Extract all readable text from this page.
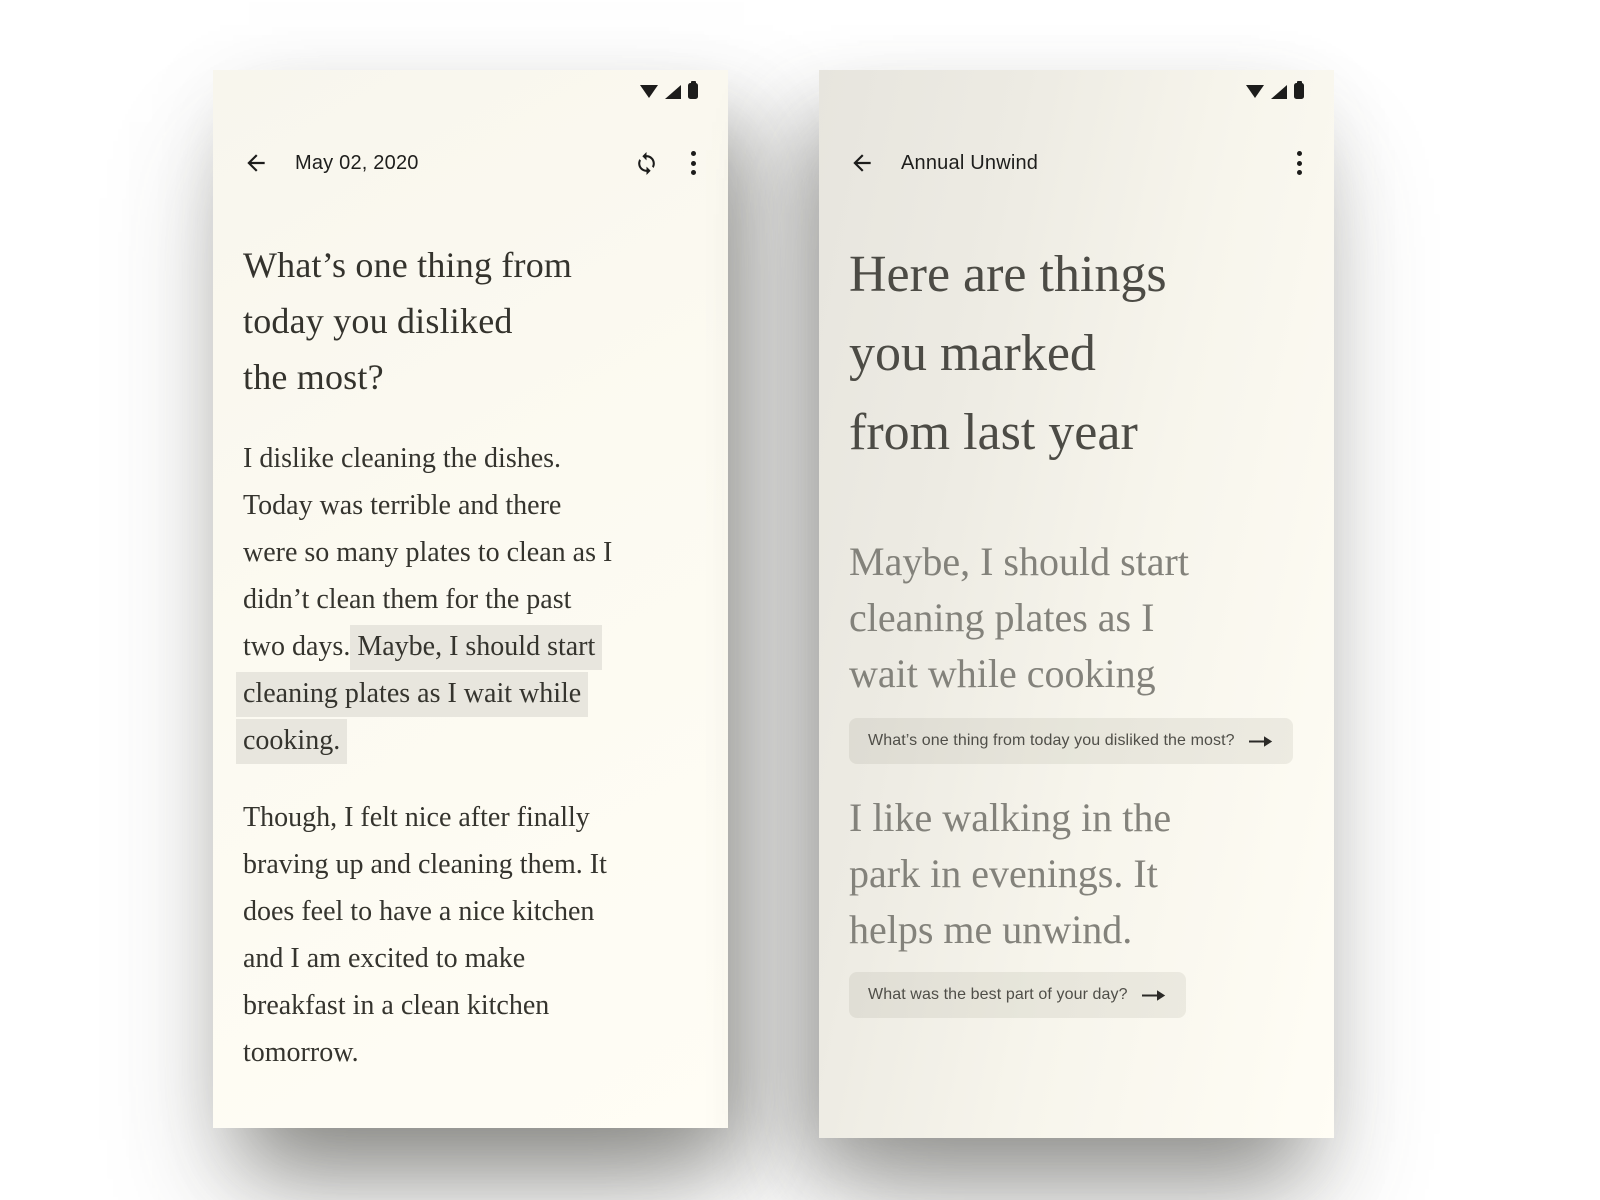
May 02, 2020
What’s one thing from
today you disliked
the most?
I dislike cleaning the dishes.
Today was terrible and there
were so many plates to clean as I
didn’t clean them for the past
two days. Maybe, I should start
cleaning plates as I wait while
cooking.
Though, I felt nice after finally
braving up and cleaning them. It
does feel to have a nice kitchen
and I am excited to make
breakfast in a clean kitchen
tomorrow.
Annual Unwind
Here are things
you marked
from last year
Maybe, I should start
cleaning plates as I
wait while cooking
What’s one thing from today you disliked the most?
I like walking in the
park in evenings. It
helps me unwind.
What was the best part of your day?
